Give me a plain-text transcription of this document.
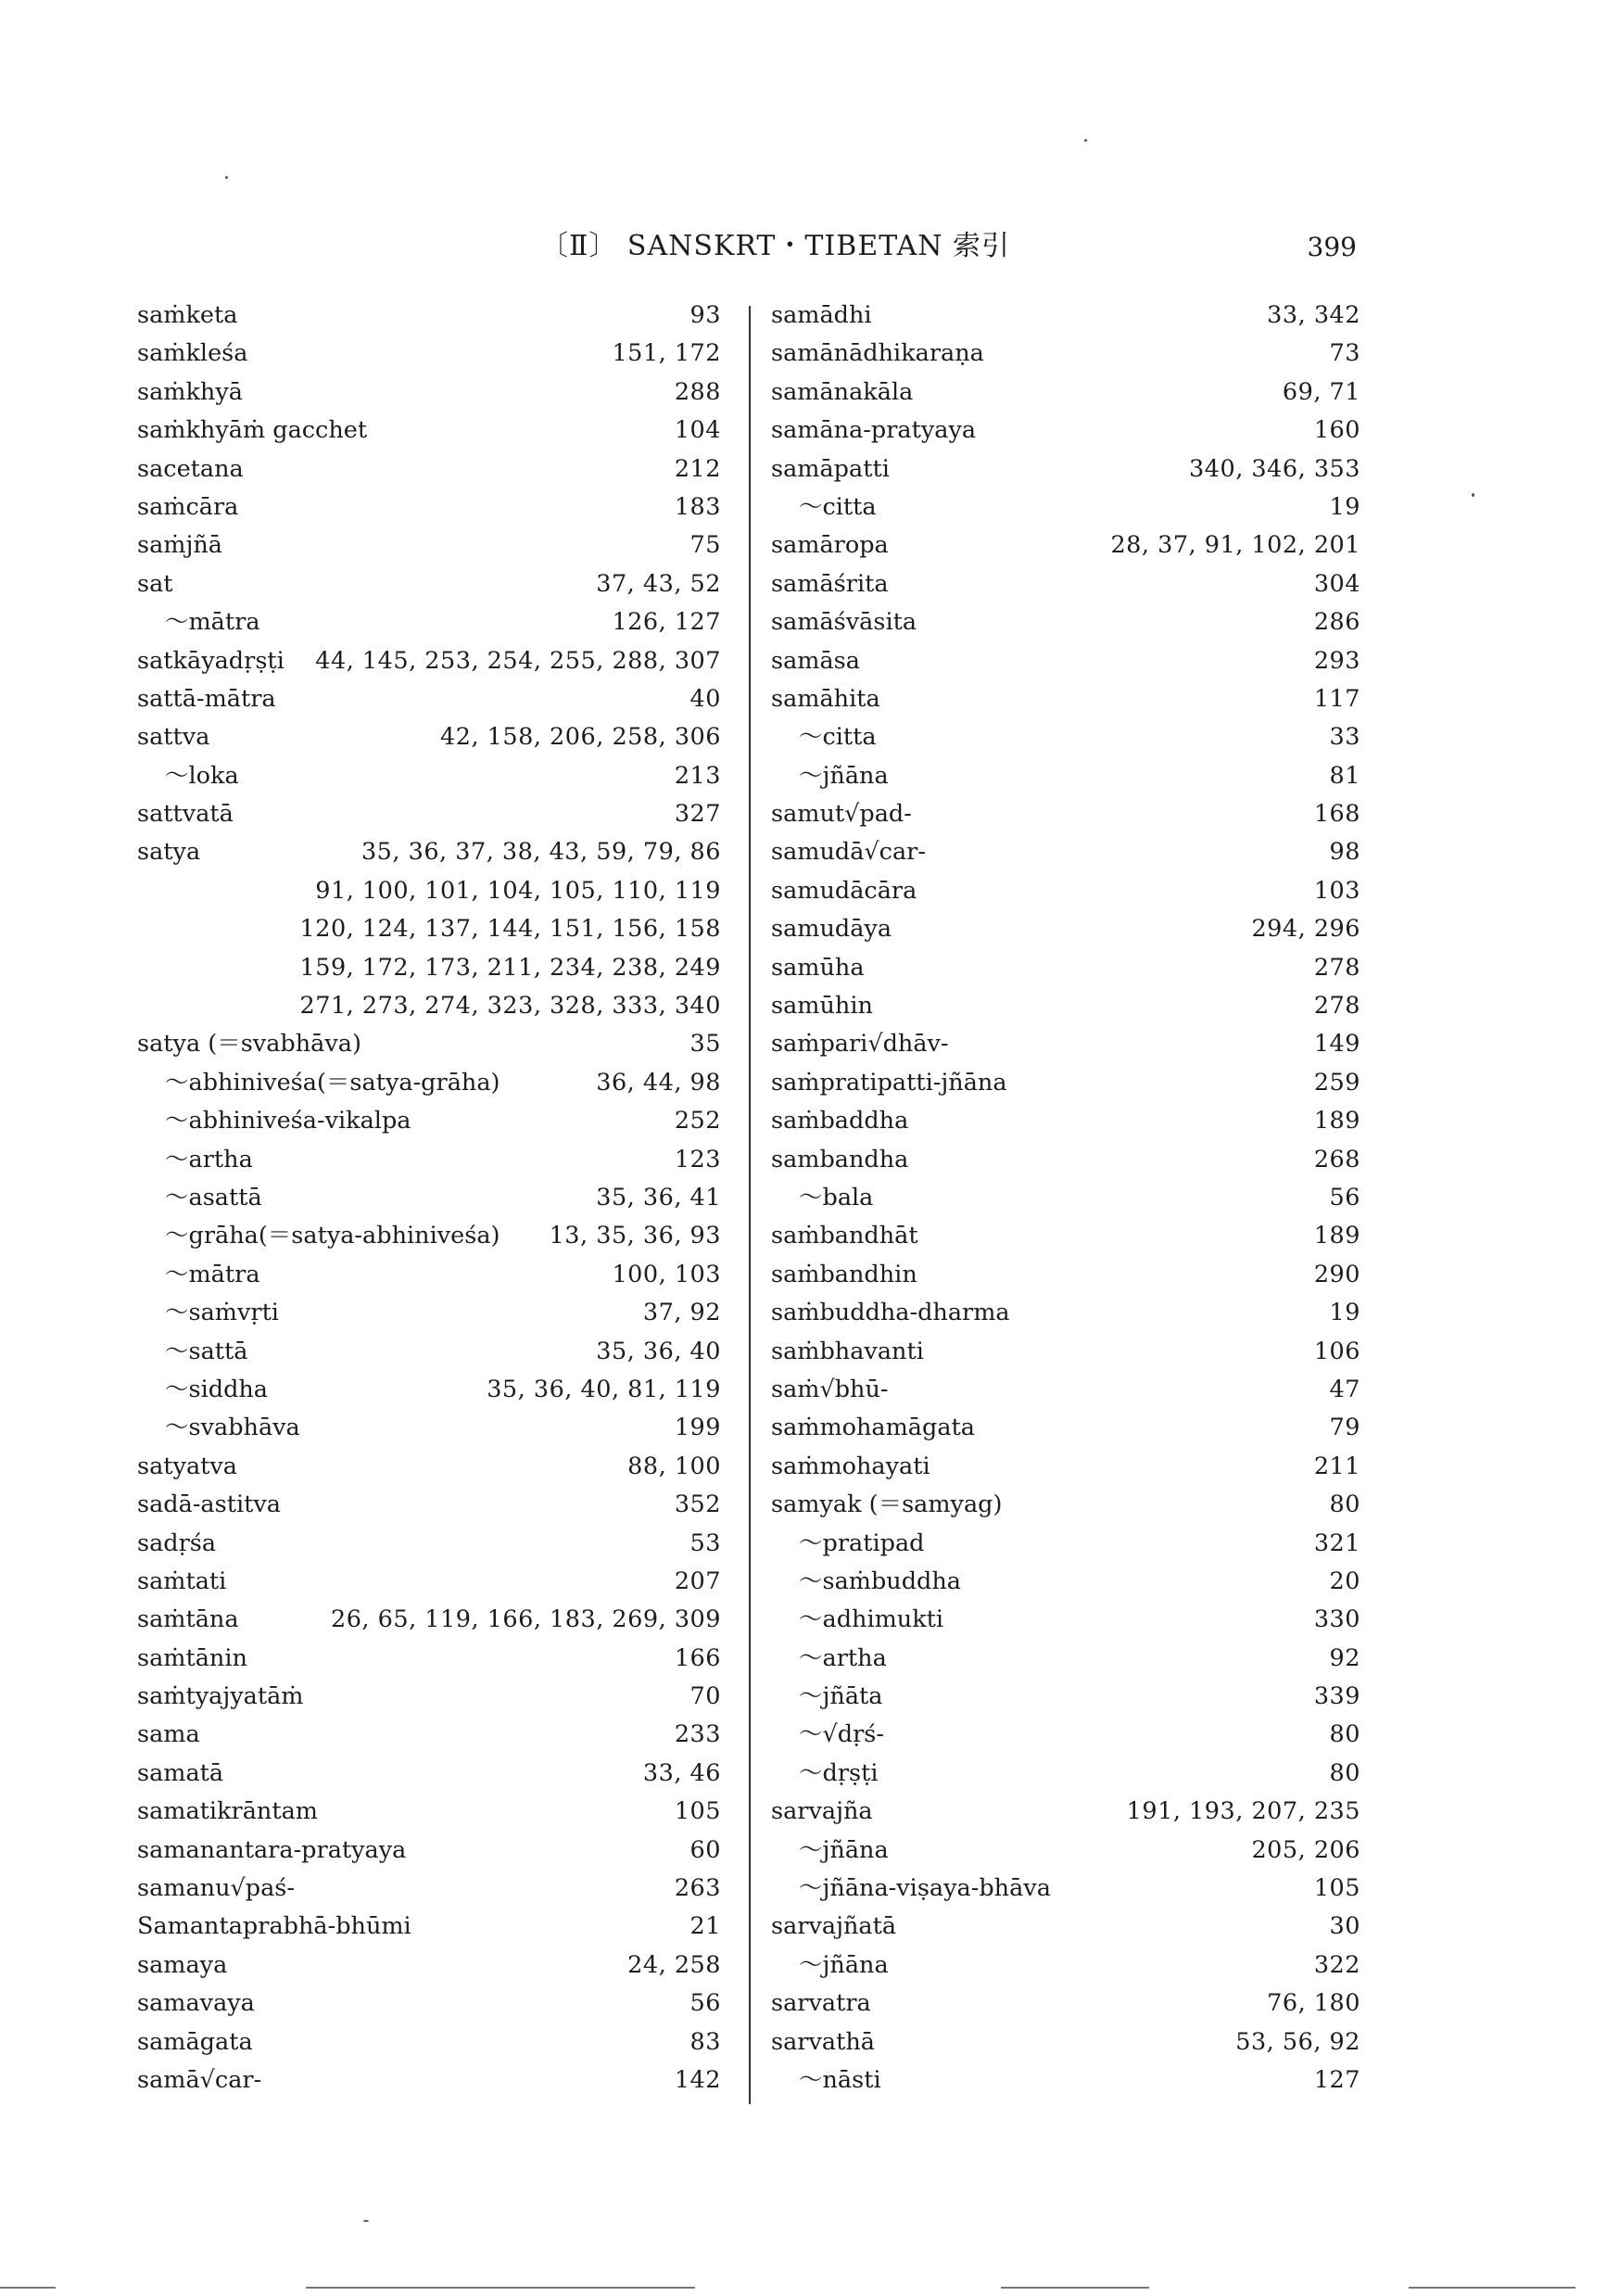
〔Ⅱ〕 SANSKRT・TIBETAN 索引	399
saṁketa	93
saṁkleśa	151, 172
saṁkhyā	288
saṁkhyāṁ gacchet	104
sacetana	212
saṁcāra	183
saṁjñā	75
sat	37, 43, 52
～mātra	126, 127
satkāyadṛṣṭi 44, 145, 253, 254, 255, 288, 307
sattā-mātra	40
sattva	42, 158, 206, 258, 306
～loka	213
sattvatā	327
satya	35, 36, 37, 38, 43, 59, 79, 86
91, 100, 101, 104, 105, 110, 119
120, 124, 137, 144, 151, 156, 158
159, 172, 173, 211, 234, 238, 249
271, 273, 274, 323, 328, 333, 340
satya (＝svabhāva)	35
～abhiniveśa(＝satya-grāha)	36, 44, 98
～abhiniveśa-vikalpa	252
～artha	123
～asattā	35, 36, 41
～grāha(＝satya-abhiniveśa) 13, 35, 36, 93
～mātra	100, 103
～saṁvṛti	37, 92
～sattā	35, 36, 40
～siddha	35, 36, 40, 81, 119
～svabhāva	199
satyatva	88, 100
sadā-astitva	352
sadṛśa	53
saṁtati	207
saṁtāna	26, 65, 119, 166, 183, 269, 309
saṁtānin	166
saṁtyajyatāṁ	70
sama	233
samatā	33, 46
samatikrāntam	105
samanantara-pratyaya	60
samanu√paś-	263
Samantaprabhā-bhūmi	21
samaya	24, 258
samavaya	56
samāgata	83
samā√car-	142
samādhi	33, 342
samānādhikaraṇa	73
samānakāla	69, 71
samāna-pratyaya	160
samāpatti	340, 346, 353
～citta	19
samāropa	28, 37, 91, 102, 201
samāśrita	304
samāśvāsita	286
samāsa	293
samāhita	117
～citta	33
～jñāna	81
samut√pad-	168
samudā√car-	98
samudācāra	103
samudāya	294, 296
samūha	278
samūhin	278
saṁpari√dhāv-	149
saṁpratipatti-jñāna	259
saṁbaddha	189
sambandha	268
～bala	56
saṁbandhāt	189
saṁbandhin	290
saṁbuddha-dharma	19
saṁbhavanti	106
saṁ√bhū-	47
saṁmohamāgata	79
saṁmohayati	211
samyak (＝samyag)	80
～pratipad	321
～saṁbuddha	20
～adhimukti	330
～artha	92
～jñāta	339
～√dṛś-	80
～dṛṣṭi	80
sarvajña	191, 193, 207, 235
～jñāna	205, 206
～jñāna-viṣaya-bhāva	105
sarvajñatā	30
～jñāna	322
sarvatra	76, 180
sarvathā	53, 56, 92
～nāsti	127
